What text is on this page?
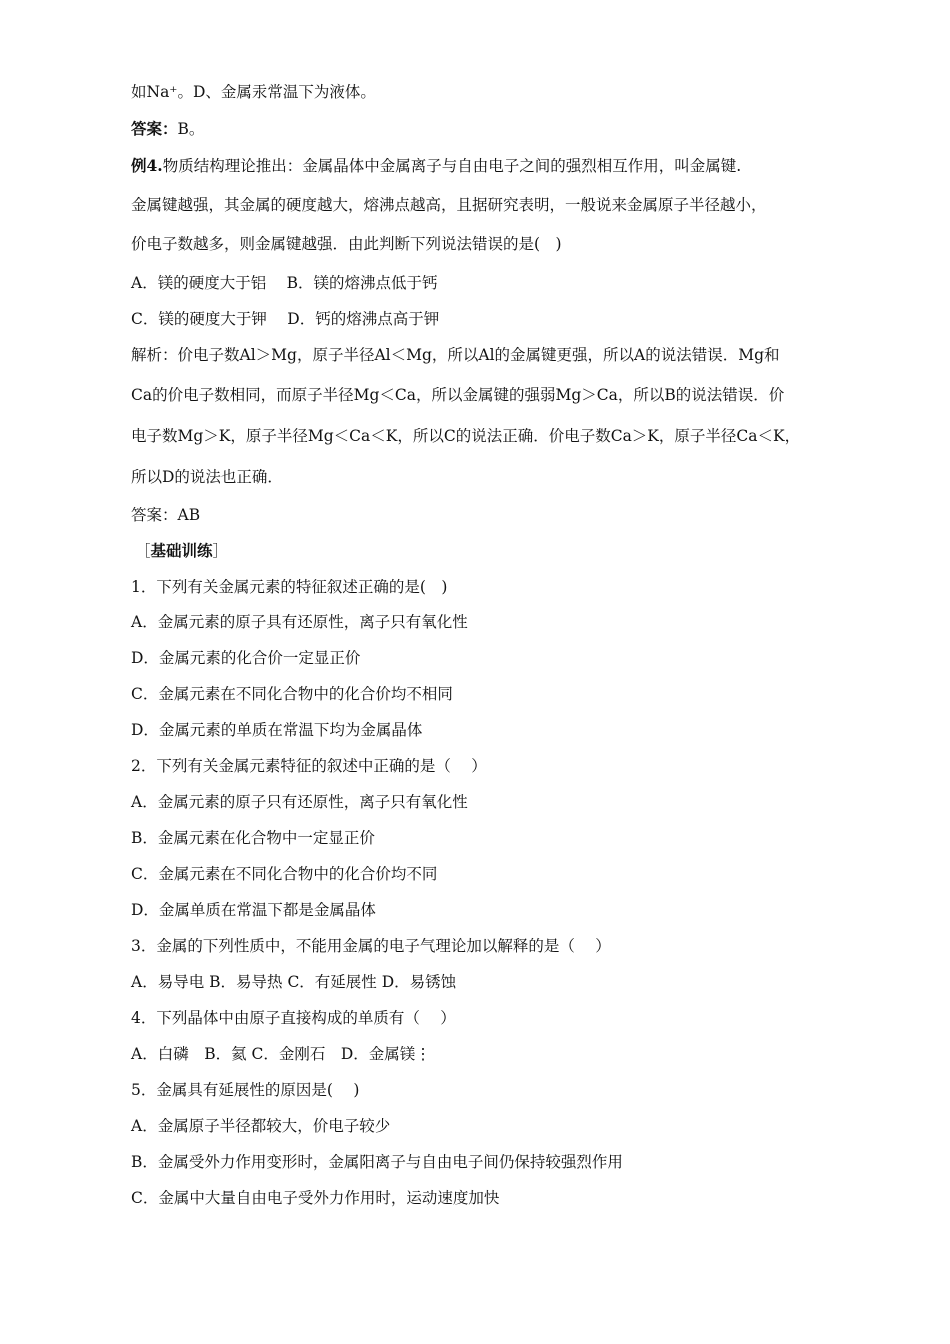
如Na⁺。D、金属汞常温下为液体。
答案：B。
例4.物质结构理论推出：金属晶体中金属离子与自由电子之间的强烈相互作用，叫金属键.
金属键越强，其金属的硬度越大，熔沸点越高，且据研究表明，一般说来金属原子半径越小，
价电子数越多，则金属键越强．由此判断下列说法错误的是(　)
A．镁的硬度大于铝　 B．镁的熔沸点低于钙
C．镁的硬度大于钾　 D．钙的熔沸点高于钾
解析：价电子数Al＞Mg，原子半径Al＜Mg，所以Al的金属键更强，所以A的说法错误．Mg和
Ca的价电子数相同，而原子半径Mg＜Ca，所以金属键的强弱Mg＞Ca，所以B的说法错误．价
电子数Mg＞K，原子半径Mg＜Ca＜K，所以C的说法正确．价电子数Ca＞K，原子半径Ca＜K，
所以D的说法也正确．
答案：AB
［基础训练］
1．下列有关金属元素的特征叙述正确的是(　)
A．金属元素的原子具有还原性，离子只有氧化性
D．金属元素的化合价一定显正价
C．金属元素在不同化合物中的化合价均不相同
D．金属元素的单质在常温下均为金属晶体
2．下列有关金属元素特征的叙述中正确的是（　 ）
A．金属元素的原子只有还原性，离子只有氧化性
B．金属元素在化合物中一定显正价
C．金属元素在不同化合物中的化合价均不同
D．金属单质在常温下都是金属晶体
3．金属的下列性质中，不能用金属的电子气理论加以解释的是（　 ）
A．易导电 B．易导热 C．有延展性 D．易锈蚀
4．下列晶体中由原子直接构成的单质有（　 ）
A．白磷　B．氦 C．金刚石　D．金属镁⋮
5．金属具有延展性的原因是(　 )
A．金属原子半径都较大，价电子较少
B．金属受外力作用变形时，金属阳离子与自由电子间仍保持较强烈作用
C．金属中大量自由电子受外力作用时，运动速度加快
